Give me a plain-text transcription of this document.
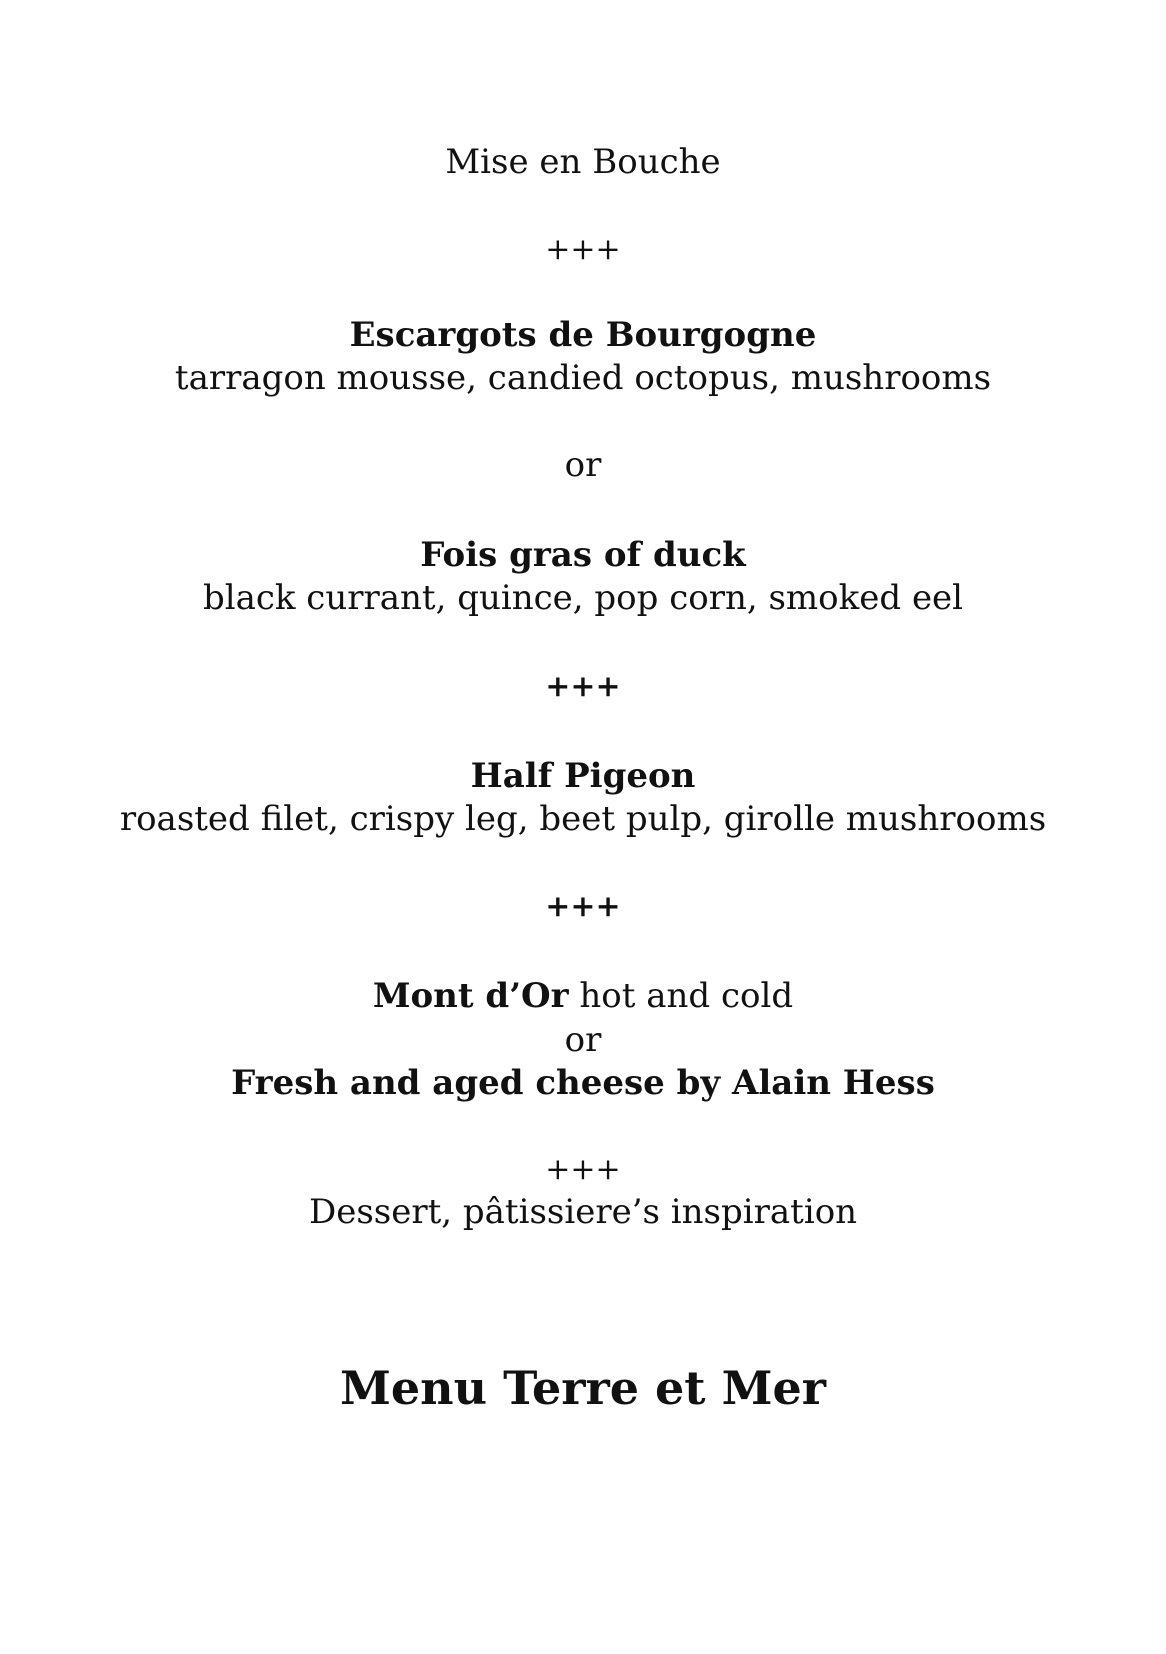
Mise en Bouche
+++
Escargots de Bourgogne
tarragon mousse, candied octopus, mushrooms
or
Fois gras of duck
black currant, quince, pop corn, smoked eel
+++
Half Pigeon
roasted filet, crispy leg, beet pulp, girolle mushrooms
+++
Mont d’Or hot and cold
or
Fresh and aged cheese by Alain Hess
+++
Dessert, pâtissiere’s inspiration
Menu Terre et Mer
